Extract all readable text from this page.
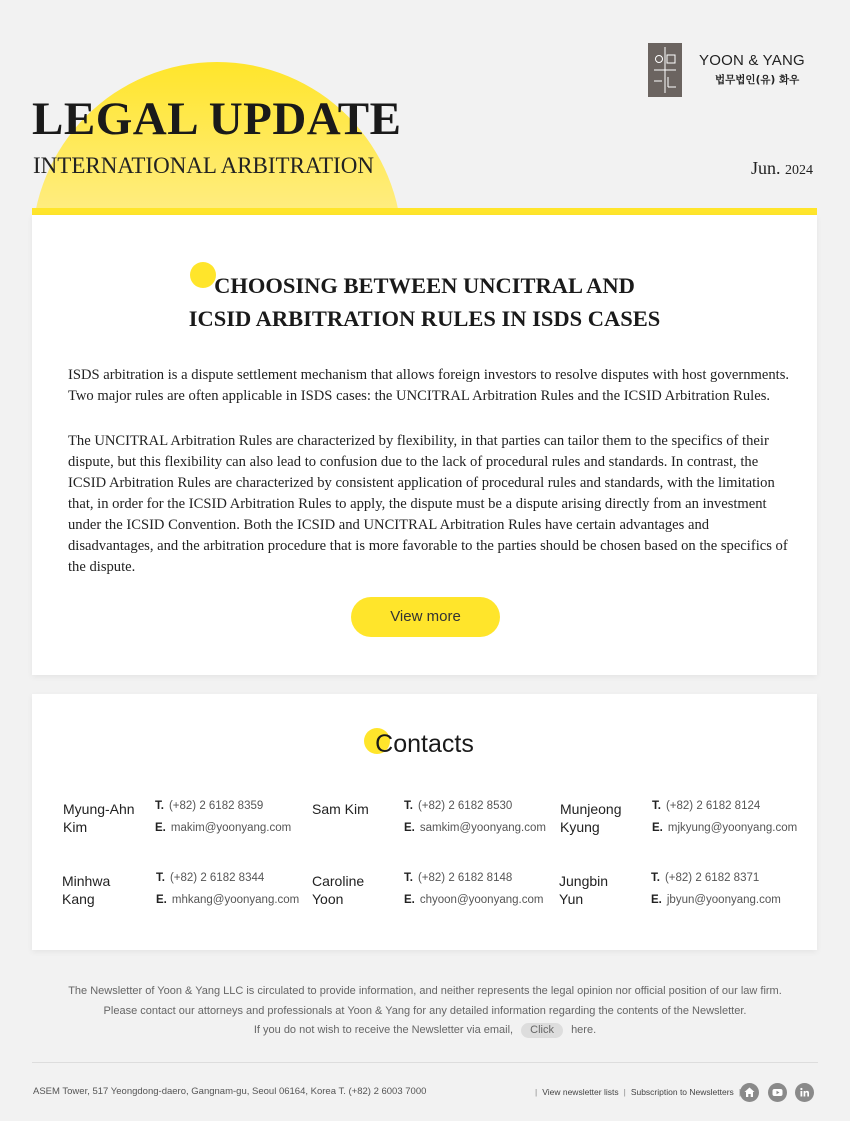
YOON & YANG
법무법인(유) 화우
LEGAL UPDATE
INTERNATIONAL ARBITRATION	Jun. 2024
CHOOSING BETWEEN UNCITRAL AND
ICSID ARBITRATION RULES IN ISDS CASES

ISDS arbitration is a dispute settlement mechanism that allows foreign investors to resolve disputes with host governments. Two major rules are often applicable in ISDS cases: the UNCITRAL Arbitration Rules and the ICSID Arbitration Rules.

The UNCITRAL Arbitration Rules are characterized by flexibility, in that parties can tailor them to the specifics of their dispute, but this flexibility can also lead to confusion due to the lack of procedural rules and standards. In contrast, the ICSID Arbitration Rules are characterized by consistent application of procedural rules and standards, with the limitation that, in order for the ICSID Arbitration Rules to apply, the dispute must be a dispute arising directly from an investment under the ICSID Convention. Both the ICSID and UNCITRAL Arbitration Rules have certain advantages and disadvantages, and the arbitration procedure that is more favorable to the parties should be chosen based on the specifics of the dispute.

View more
Contacts
Myung-Ahn
Kim
T. (+82) 2 6182 8359
E. makim@yoonyang.com
Sam Kim	T. (+82) 2 6182 8530
E. samkim@yoonyang.com
Munjeong
Kyung
T. (+82) 2 6182 8124
E. mjkyung@yoonyang.com
Minhwa
Kang
T. (+82) 2 6182 8344
E. mhkang@yoonyang.com
Caroline
Yoon
T. (+82) 2 6182 8148
E. chyoon@yoonyang.com
Jungbin
Yun
T. (+82) 2 6182 8371
E. jbyun@yoonyang.com
The Newsletter of Yoon & Yang LLC is circulated to provide information, and neither represents the legal opinion nor official position of our law firm.
Please contact our attorneys and professionals at Yoon & Yang for any detailed information regarding the contents of the Newsletter.
If you do not wish to receive the Newsletter via email, Click here.
ASEM Tower, 517 Yeongdong-daero, Gangnam-gu, Seoul 06164, Korea T. (+82) 2 6003 7000	| View newsletter lists | Subscription to Newsletters
